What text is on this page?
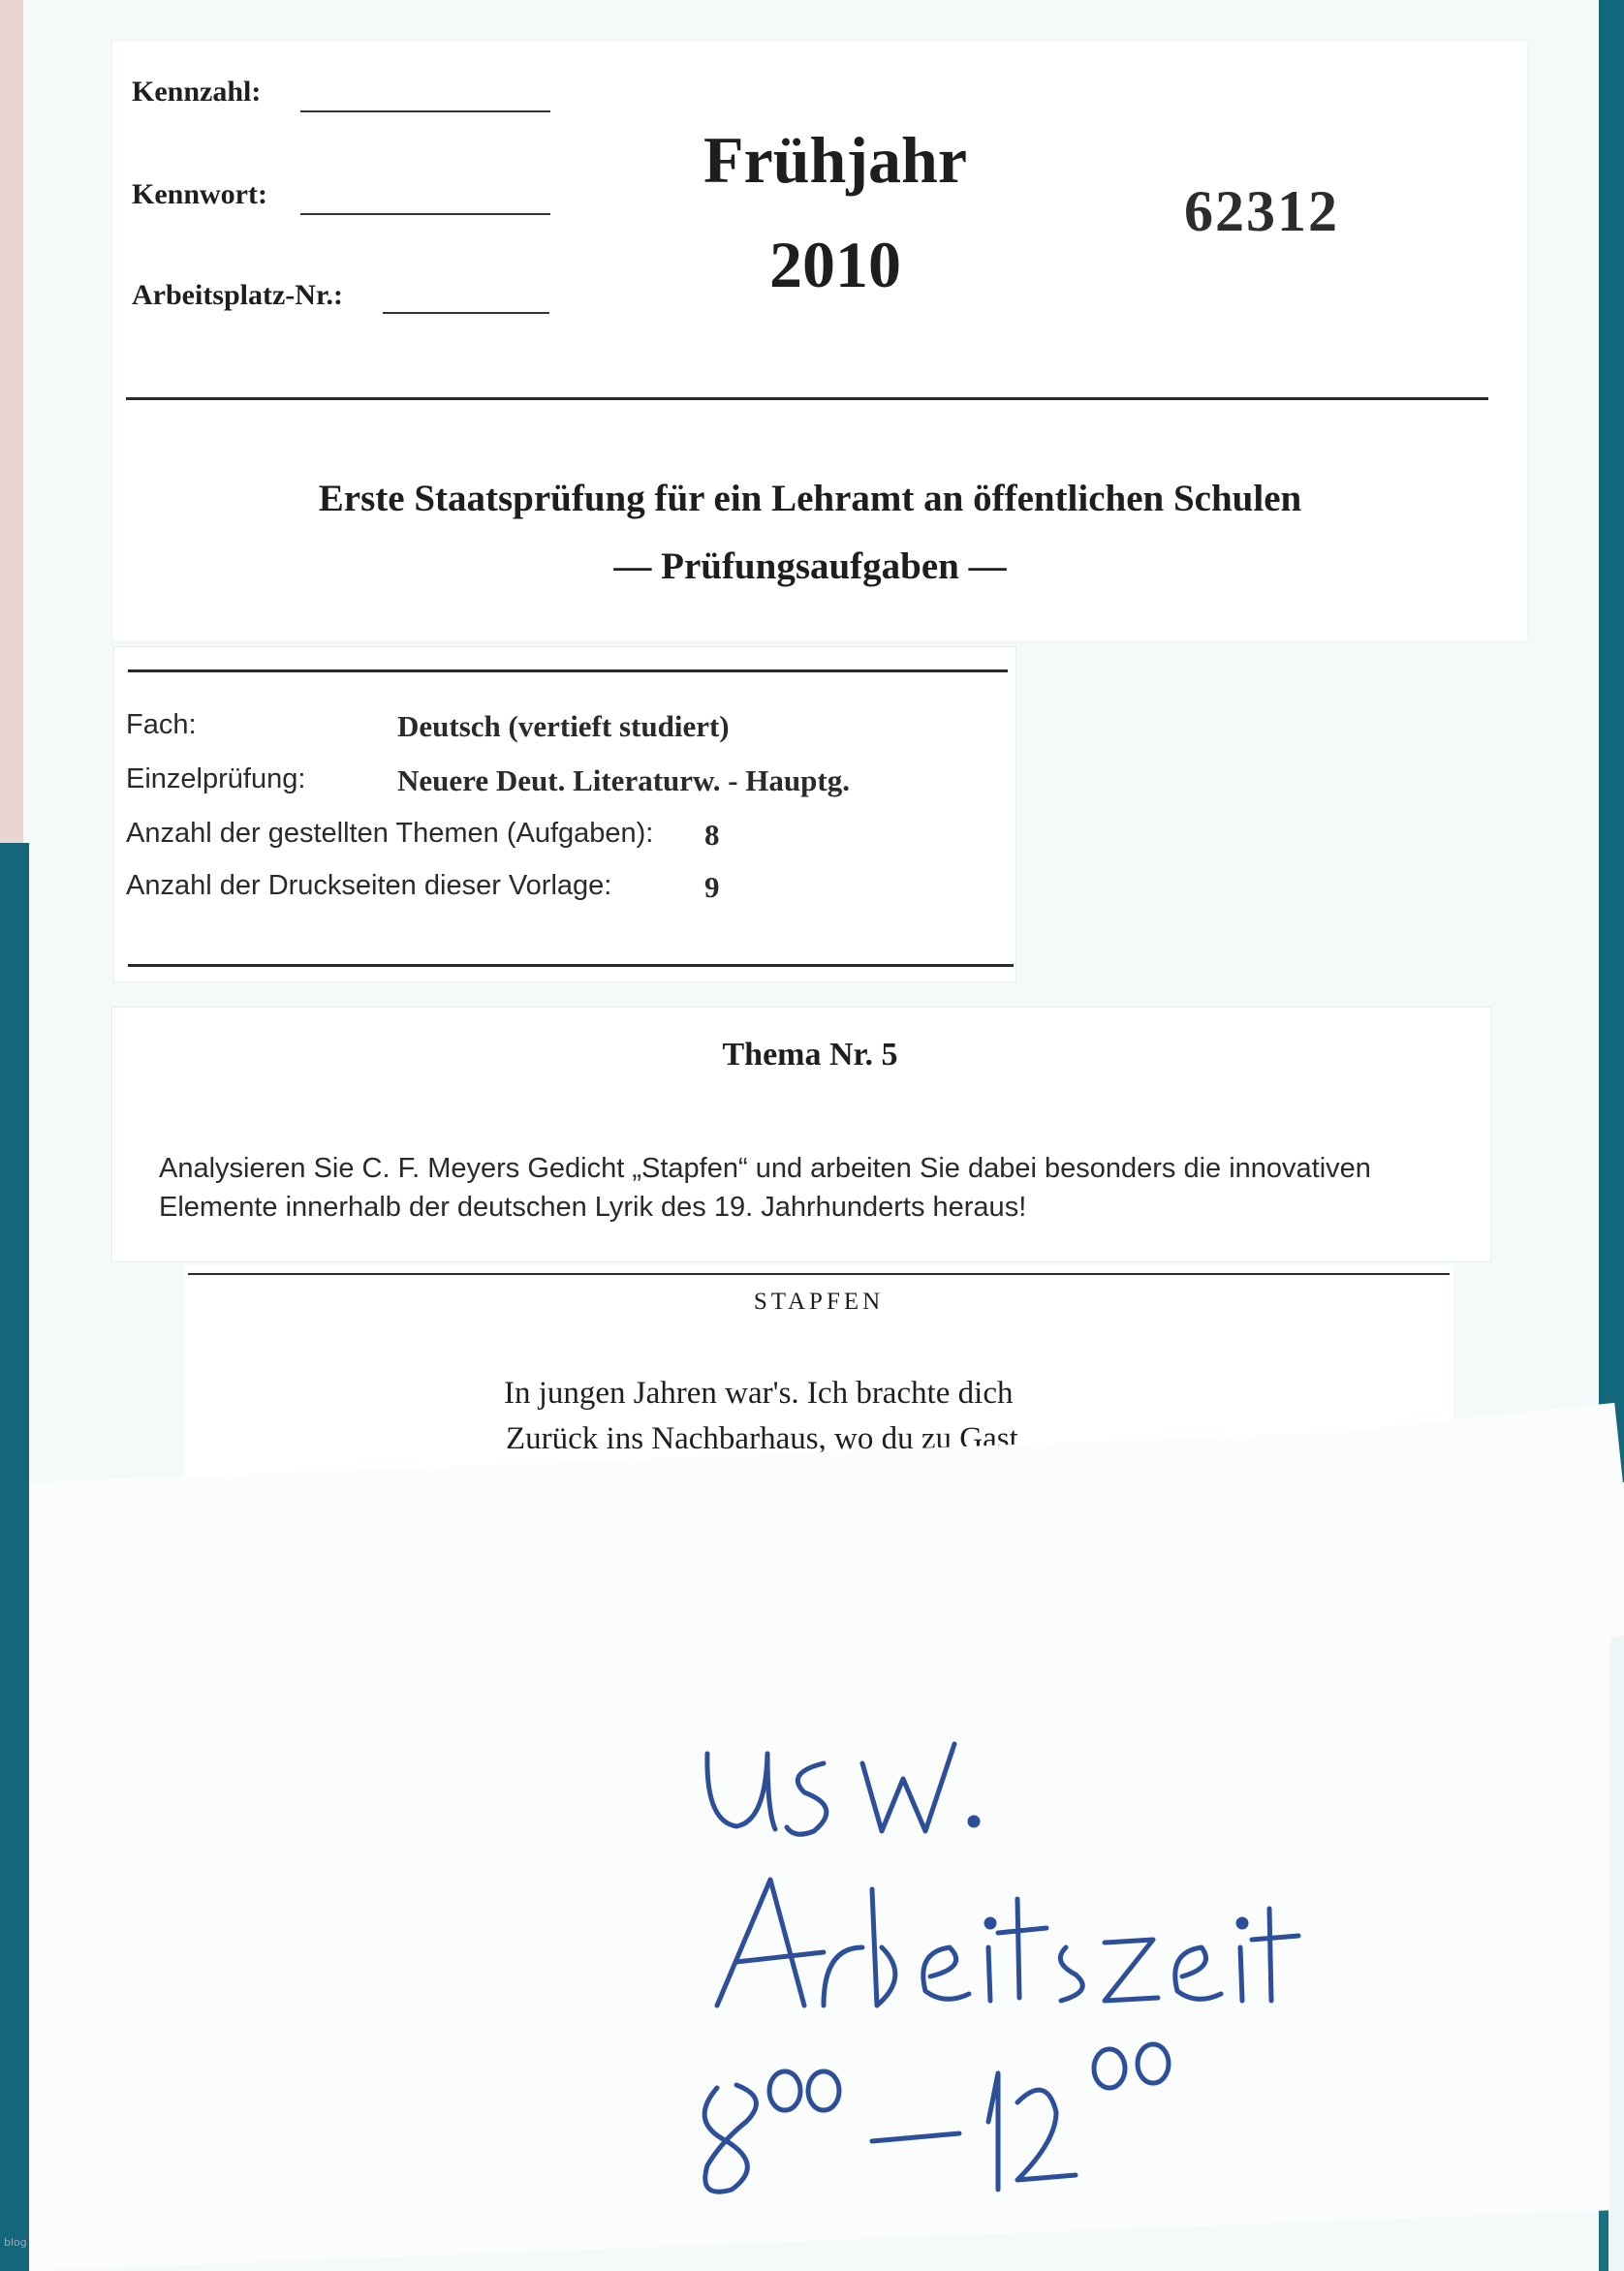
Kennzahl:
Kennwort:
Arbeitsplatz-Nr.:
Frühjahr
2010
62312
Erste Staatsprüfung für ein Lehramt an öffentlichen Schulen
— Prüfungsaufgaben —
Fach:	Deutsch (vertieft studiert)
Einzelprüfung:	Neuere Deut. Literaturw. - Hauptg.
Anzahl der gestellten Themen (Aufgaben): 8
Anzahl der Druckseiten dieser Vorlage:	9
Thema Nr. 5
Analysieren Sie C. F. Meyers Gedicht „Stapfen“ und arbeiten Sie dabei besonders die innovativen
Elemente innerhalb der deutschen Lyrik des 19. Jahrhunderts heraus!
STAPFEN
In jungen Jahren war's. Ich brachte dich
Zurück ins Nachbarhaus, wo du zu Gast,
blog
